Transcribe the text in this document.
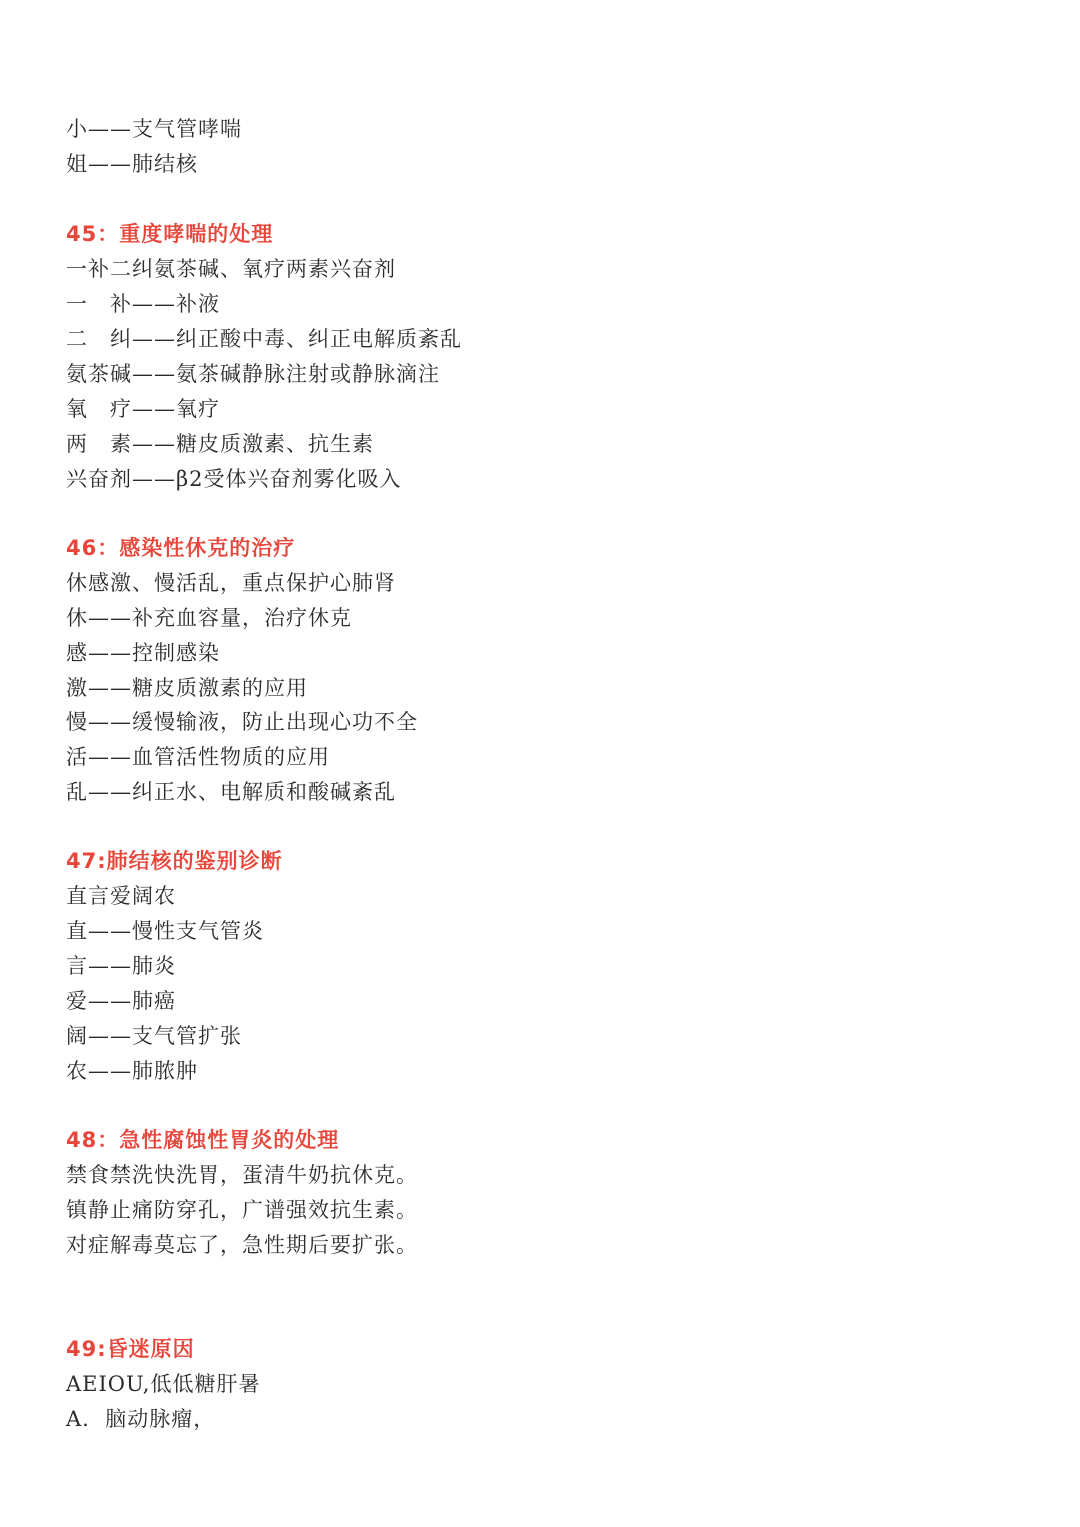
小——支气管哮喘
姐——肺结核
45：重度哮喘的处理
一补二纠氨茶碱、氧疗两素兴奋剂
一　补——补液
二　纠——纠正酸中毒、纠正电解质紊乱
氨茶碱——氨茶碱静脉注射或静脉滴注
氧　疗——氧疗
两　素——糖皮质激素、抗生素
兴奋剂——β2受体兴奋剂雾化吸入
46：感染性休克的治疗
休感激、慢活乱，重点保护心肺肾
休——补充血容量，治疗休克
感——控制感染
激——糖皮质激素的应用
慢——缓慢输液，防止出现心功不全
活——血管活性物质的应用
乱——纠正水、电解质和酸碱紊乱
47:肺结核的鉴别诊断
直言爱阔农
直——慢性支气管炎
言——肺炎
爱——肺癌
阔——支气管扩张
农——肺脓肿
48：急性腐蚀性胃炎的处理
禁食禁洗快洗胃，蛋清牛奶抗休克。
镇静止痛防穿孔，广谱强效抗生素。
对症解毒莫忘了，急性期后要扩张。
49:昏迷原因
AEIOU,低低糖肝暑
A.  脑动脉瘤，
